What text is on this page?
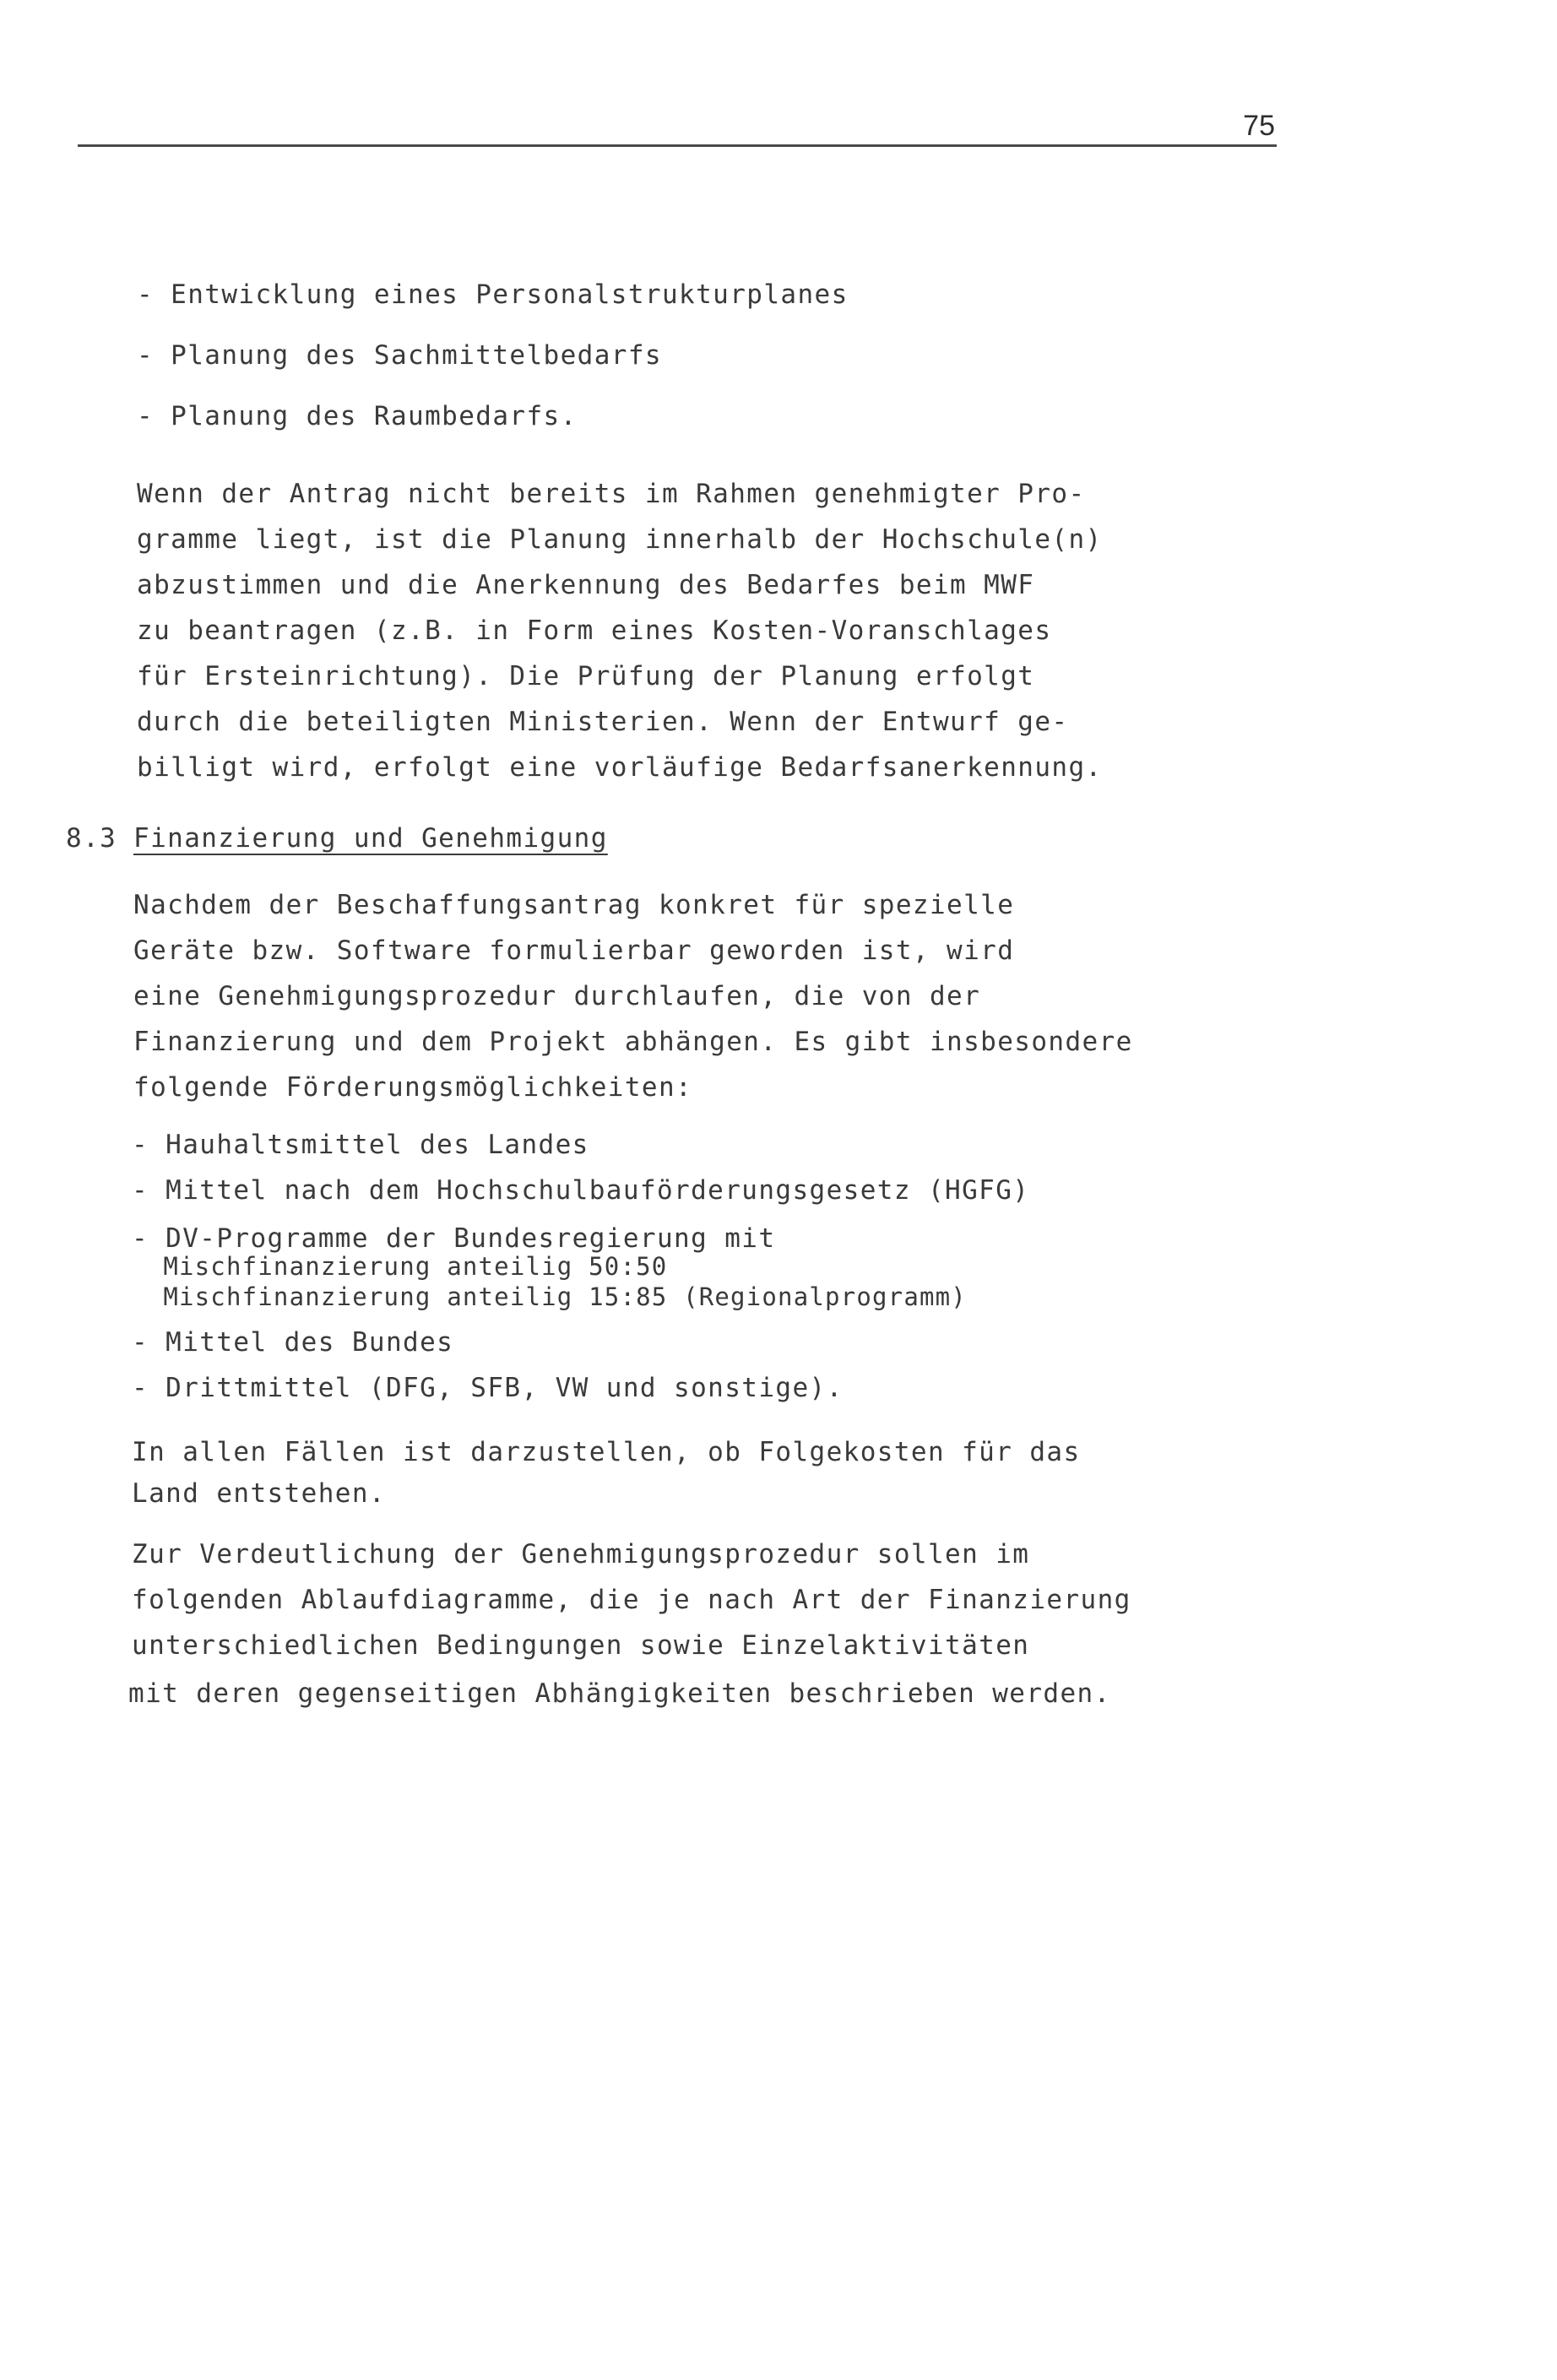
75
- Entwicklung eines Personalstrukturplanes
- Planung des Sachmittelbedarfs
- Planung des Raumbedarfs.
Wenn der Antrag nicht bereits im Rahmen genehmigter Pro-
gramme liegt, ist die Planung innerhalb der Hochschule(n)
abzustimmen und die Anerkennung des Bedarfes beim MWF
zu beantragen (z.B. in Form eines Kosten-Voranschlages
für Ersteinrichtung). Die Prüfung der Planung erfolgt
durch die beteiligten Ministerien. Wenn der Entwurf ge-
billigt wird, erfolgt eine vorläufige Bedarfsanerkennung.
8.3 Finanzierung und Genehmigung
Nachdem der Beschaffungsantrag konkret für spezielle
Geräte bzw. Software formulierbar geworden ist, wird
eine Genehmigungsprozedur durchlaufen, die von der
Finanzierung und dem Projekt abhängen. Es gibt insbesondere
folgende Förderungsmöglichkeiten:
- Hauhaltsmittel des Landes
- Mittel nach dem Hochschulbauförderungsgesetz (HGFG)
- DV-Programme der Bundesregierung mit
Mischfinanzierung anteilig 50:50
Mischfinanzierung anteilig 15:85 (Regionalprogramm)
- Mittel des Bundes
- Drittmittel (DFG, SFB, VW und sonstige).
In allen Fällen ist darzustellen, ob Folgekosten für das
Land entstehen.
Zur Verdeutlichung der Genehmigungsprozedur sollen im
folgenden Ablaufdiagramme, die je nach Art der Finanzierung
unterschiedlichen Bedingungen sowie Einzelaktivitäten
mit deren gegenseitigen Abhängigkeiten beschrieben werden.
